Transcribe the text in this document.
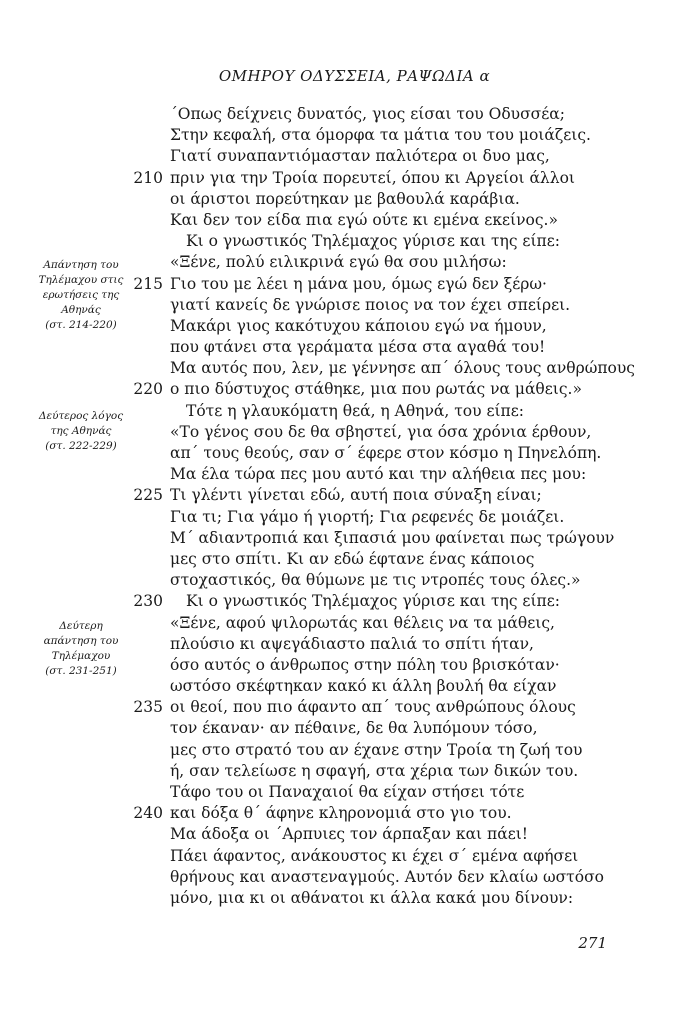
ΟΜΗΡΟΥ ΟΔΥΣΣΕΙΑ, ΡΑΨΩΔΙΑ α
΄Οπως δείχνεις δυνατός, γιος είσαι του Οδυσσέα;
Στην κεφαλή, στα όμορφα τα μάτια του του μοιάζεις.
Γιατί συναπαντιόμασταν παλιότερα οι δυο μας,
210 πριν για την Τροία πορευτεί, όπου κι Αργείοι άλλοι
οι άριστοι πορεύτηκαν με βαθουλά καράβια.
Και δεν τον είδα πια εγώ ούτε κι εμένα εκείνος.»
Κι ο γνωστικός Τηλέμαχος γύρισε και της είπε:
«Ξένε, πολύ ειλικρινά εγώ θα σου μιλήσω:
215 Γιο του με λέει η μάνα μου, όμως εγώ δεν ξέρω·
γιατί κανείς δε γνώρισε ποιος να τον έχει σπείρει.
Μακάρι γιος κακότυχου κάποιου εγώ να ήμουν,
που φτάνει στα γεράματα μέσα στα αγαθά του!
Μα αυτός που, λεν, με γέννησε απ΄ όλους τους ανθρώπους
220 ο πιο δύστυχος στάθηκε, μια που ρωτάς να μάθεις.»
Τότε η γλαυκόματη θεά, η Αθηνά, του είπε:
«Το γένος σου δε θα σβηστεί, για όσα χρόνια έρθουν,
απ΄ τους θεούς, σαν σ΄ έφερε στον κόσμο η Πηνελόπη.
Μα έλα τώρα πες μου αυτό και την αλήθεια πες μου:
225 Τι γλέντι γίνεται εδώ, αυτή ποια σύναξη είναι;
Για τι; Για γάμο ή γιορτή; Για ρεφενές δε μοιάζει.
Μ΄ αδιαντροπιά και ξιπασιά μου φαίνεται πως τρώγουν
μες στο σπίτι. Κι αν εδώ έφτανε ένας κάποιος
στοχαστικός, θα θύμωνε με τις ντροπές τους όλες.»
230 Κι ο γνωστικός Τηλέμαχος γύρισε και της είπε:
«Ξένε, αφού ψιλορωτάς και θέλεις να τα μάθεις,
πλούσιο κι αψεγάδιαστο παλιά το σπίτι ήταν,
όσο αυτός ο άνθρωπος στην πόλη του βρισκόταν·
ωστόσο σκέφτηκαν κακό κι άλλη βουλή θα είχαν
235 οι θεοί, που πιο άφαντο απ΄ τους ανθρώπους όλους
τον έκαναν· αν πέθαινε, δε θα λυπόμουν τόσο,
μες στο στρατό του αν έχανε στην Τροία τη ζωή του
ή, σαν τελείωσε η σφαγή, στα χέρια των δικών του.
Τάφο του οι Παναχαιοί θα είχαν στήσει τότε
240 και δόξα θ΄ άφηνε κληρονομιά στο γιο του.
Μα άδοξα οι ΄Αρπυιες τον άρπαξαν και πάει!
Πάει άφαντος, ανάκουστος κι έχει σ΄ εμένα αφήσει
θρήνους και αναστεναγμούς. Αυτόν δεν κλαίω ωστόσο
μόνο, μια κι οι αθάνατοι κι άλλα κακά μου δίνουν:
Απάντηση του
Τηλέμαχου στις
ερωτήσεις της
Αθηνάς
(στ. 214-220)
Δεύτερος λόγος
της Αθηνάς
(στ. 222-229)
Δεύτερη
απάντηση του
Τηλέμαχου
(στ. 231-251)
271
